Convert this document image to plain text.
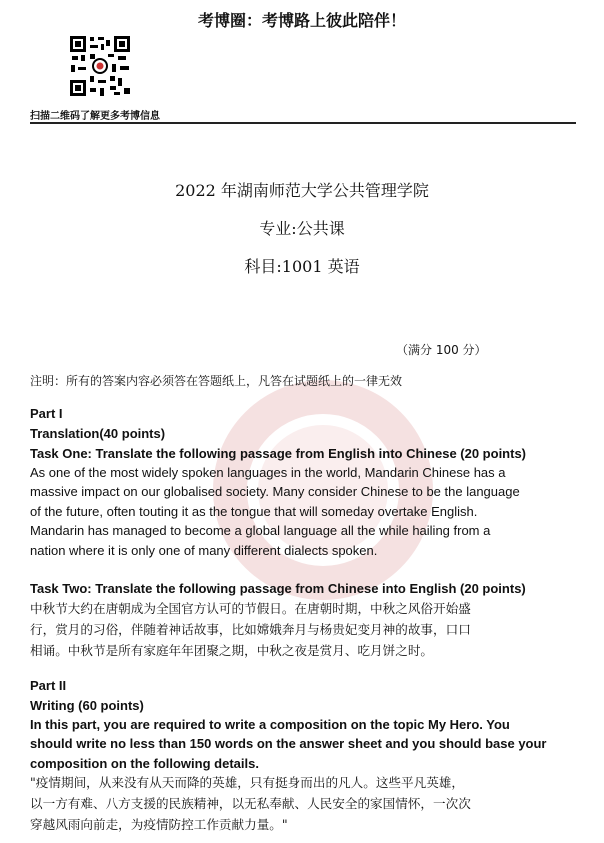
考博圈：考博路上彼此陪伴！
扫描二维码了解更多考博信息
2022 年湖南师范大学公共管理学院
专业:公共课
科目:1001 英语
（满分 100 分）
注明：所有的答案内容必须答在答题纸上，凡答在试题纸上的一律无效
Part I
Translation(40 points)
Task One: Translate the following passage from English into Chinese (20 points)
As one of the most widely spoken languages in the world, Mandarin Chinese has a
massive impact on our globalised society. Many consider Chinese to be the language
of the future, often touting it as the tongue that will someday overtake English.
Mandarin has managed to become a global language all the while hailing from a
nation where it is only one of many different dialects spoken.
Task Two: Translate the following passage from Chinese into English (20 points)
中秋节大约在唐朝成为全国官方认可的节假日。在唐朝时期，中秋之风俗开始盛
行，赏月的习俗，伴随着神话故事，比如嫦娥奔月与杨贵妃变月神的故事，口口
相诵。中秋节是所有家庭年年团聚之期，中秋之夜是赏月、吃月饼之时。
Part II
Writing (60 points)
In this part, you are required to write a composition on the topic My Hero. You
should write no less than 150 words on the answer sheet and you should base your
composition on the following details.
"疫情期间，从来没有从天而降的英雄，只有挺身而出的凡人。这些平凡英雄，
以一方有难、八方支援的民族精神，以无私奉献、人民安全的家国情怀，一次次
穿越风雨向前走，为疫情防控工作贡献力量。"
